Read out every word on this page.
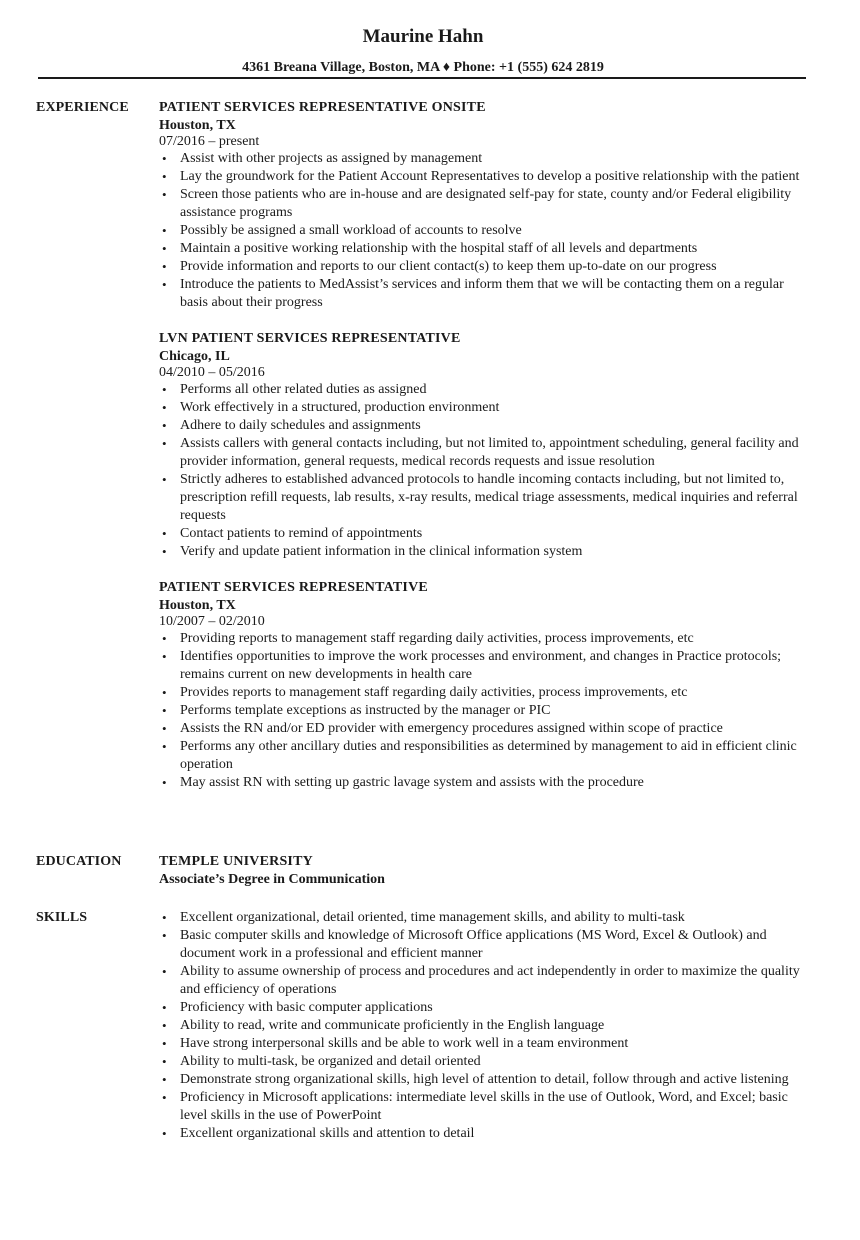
Maurine Hahn
4361 Breana Village, Boston, MA ♦ Phone: +1 (555) 624 2819
EXPERIENCE PATIENT SERVICES REPRESENTATIVE ONSITE
Houston, TX
07/2016 – present
• Assist with other projects as assigned by management
• Lay the groundwork for the Patient Account Representatives to develop a positive relationship with the patient
• Screen those patients who are in-house and are designated self-pay for state, county and/or Federal eligibility assistance programs
• Possibly be assigned a small workload of accounts to resolve
• Maintain a positive working relationship with the hospital staff of all levels and departments
• Provide information and reports to our client contact(s) to keep them up-to-date on our progress
• Introduce the patients to MedAssist’s services and inform them that we will be contacting them on a regular basis about their progress
LVN PATIENT SERVICES REPRESENTATIVE
Chicago, IL
04/2010 – 05/2016
• Performs all other related duties as assigned
• Work effectively in a structured, production environment
• Adhere to daily schedules and assignments
• Assists callers with general contacts including, but not limited to, appointment scheduling, general facility and provider information, general requests, medical records requests and issue resolution
• Strictly adheres to established advanced protocols to handle incoming contacts including, but not limited to, prescription refill requests, lab results, x-ray results, medical triage assessments, medical inquiries and referral requests
• Contact patients to remind of appointments
• Verify and update patient information in the clinical information system
PATIENT SERVICES REPRESENTATIVE
Houston, TX
10/2007 – 02/2010
• Providing reports to management staff regarding daily activities, process improvements, etc
• Identifies opportunities to improve the work processes and environment, and changes in Practice protocols; remains current on new developments in health care
• Provides reports to management staff regarding daily activities, process improvements, etc
• Performs template exceptions as instructed by the manager or PIC
• Assists the RN and/or ED provider with emergency procedures assigned within scope of practice
• Performs any other ancillary duties and responsibilities as determined by management to aid in efficient clinic operation
• May assist RN with setting up gastric lavage system and assists with the procedure
EDUCATION	TEMPLE UNIVERSITY
Associate’s Degree in Communication
SKILLS	• Excellent organizational, detail oriented, time management skills, and ability to multi-task
• Basic computer skills and knowledge of Microsoft Office applications (MS Word, Excel & Outlook) and document work in a professional and efficient manner
• Ability to assume ownership of process and procedures and act independently in order to maximize the quality and efficiency of operations
• Proficiency with basic computer applications
• Ability to read, write and communicate proficiently in the English language
• Have strong interpersonal skills and be able to work well in a team environment
• Ability to multi-task, be organized and detail oriented
• Demonstrate strong organizational skills, high level of attention to detail, follow through and active listening
• Proficiency in Microsoft applications: intermediate level skills in the use of Outlook, Word, and Excel; basic level skills in the use of PowerPoint
• Excellent organizational skills and attention to detail
